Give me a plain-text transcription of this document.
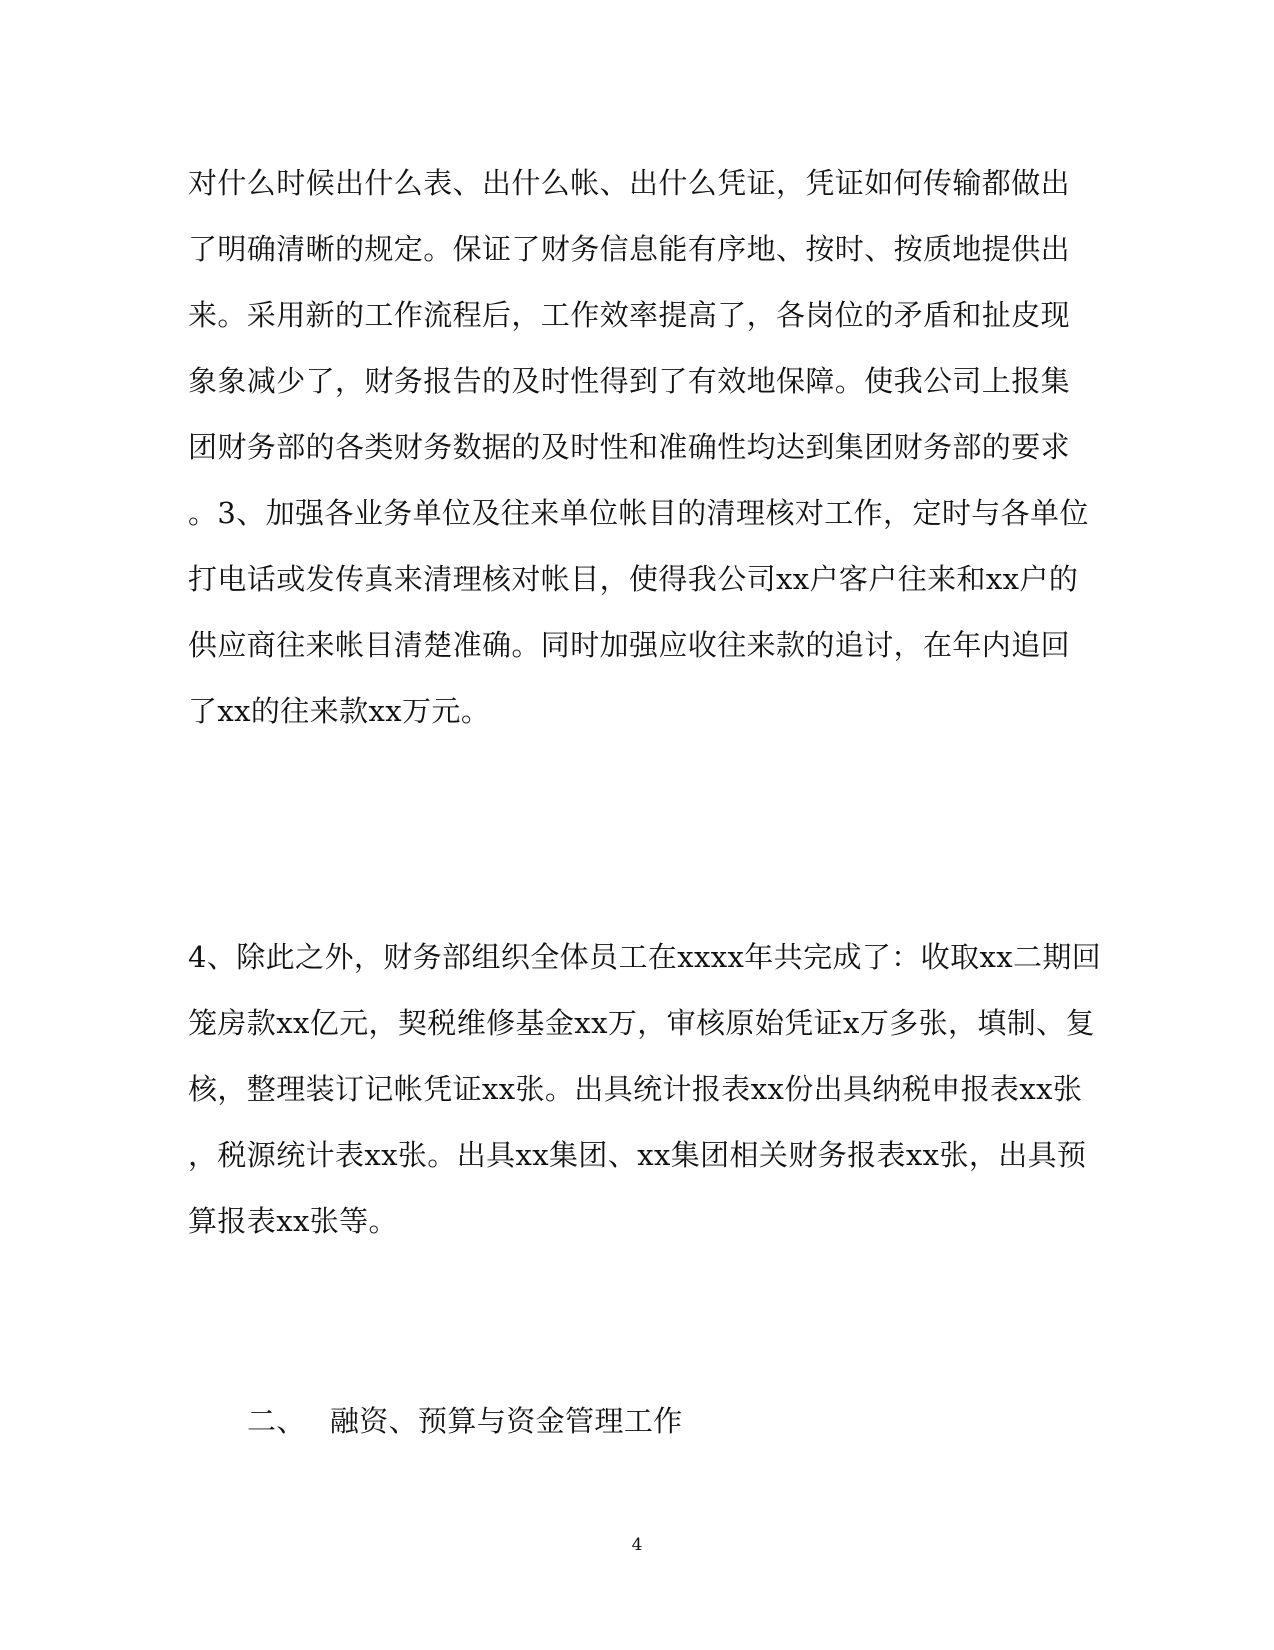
对什么时候出什么表、出什么帐、出什么凭证，凭证如何传输都做出
了明确清晰的规定。保证了财务信息能有序地、按时、按质地提供出
来。采用新的工作流程后，工作效率提高了，各岗位的矛盾和扯皮现
象象减少了，财务报告的及时性得到了有效地保障。使我公司上报集
团财务部的各类财务数据的及时性和准确性均达到集团财务部的要求
。3、加强各业务单位及往来单位帐目的清理核对工作，定时与各单位
打电话或发传真来清理核对帐目，使得我公司xx户客户往来和xx户的
供应商往来帐目清楚准确。同时加强应收往来款的追讨，在年内追回
了xx的往来款xx万元。
4、除此之外，财务部组织全体员工在xxxx年共完成了：收取xx二期回
笼房款xx亿元，契税维修基金xx万，审核原始凭证x万多张，填制、复
核，整理装订记帐凭证xx张。出具统计报表xx份出具纳税申报表xx张
，税源统计表xx张。出具xx集团、xx集团相关财务报表xx张，出具预
算报表xx张等。
二、 融资、预算与资金管理工作
4
